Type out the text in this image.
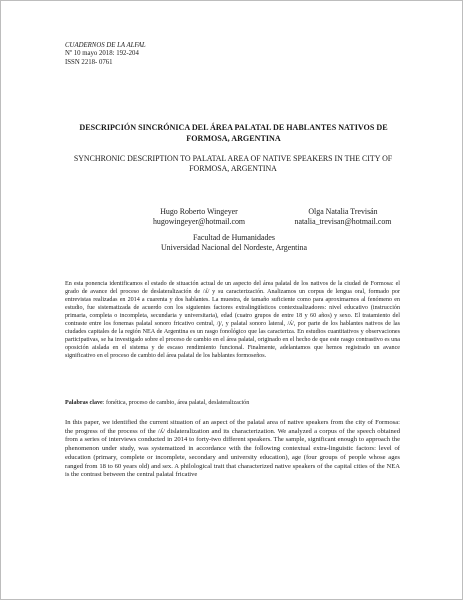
CUADERNOS DE LA ALFAL
Nº 10 mayo 2018: 192-204
ISSN 2218- 0761
DESCRIPCIÓN SINCRÓNICA DEL ÁREA PALATAL DE HABLANTES NATIVOS DE FORMOSA, ARGENTINA
SYNCHRONIC DESCRIPTION TO PALATAL AREA OF NATIVE SPEAKERS IN THE CITY OF FORMOSA, ARGENTINA
Hugo Roberto Wingeyer
hugowingeyer@hotmail.com
Olga Natalia Trevisán
natalia_trevisan@hotmail.com
Facultad de Humanidades
Universidad Nacional del Nordeste, Argentina

En esta ponencia identificamos el estado de situación actual de un aspecto del área palatal de los nativos de la ciudad de Formosa: el grado de avance del proceso de deslateralización de /ʎ/ y su caracterización. Analizamos un corpus de lengua oral, formado por entrevistas realizadas en 2014 a cuarenta y dos hablantes. La muestra, de tamaño suficiente como para aproximarnos al fenómeno en estudio, fue sistematizada de acuerdo con los siguientes factores extralingüísticos contextualizadores: nivel educativo (instrucción primaria, completa o incompleta, secundaria y universitaria), edad (cuatro grupos de entre 18 y 60 años) y sexo. El tratamiento del contraste entre los fonemas palatal sonoro fricativo central, /ʝ/, y palatal sonoro lateral, /ʎ/, por parte de los hablantes nativos de las ciudades capitales de la región NEA de Argentina es un rasgo fonológico que las caracteriza. En estudios cuantitativos y observaciones participativas, se ha investigado sobre el proceso de cambio en el área palatal, originado en el hecho de que este rasgo contrastivo es una oposición aislada en el sistema y de escaso rendimiento funcional. Finalmente, adelantamos que hemos registrado un avance significativo en el proceso de cambio del área palatal de los hablantes formoseños.

Palabras clave: fonética, proceso de cambio, área palatal, deslateralización

In this paper, we identified the current situation of an aspect of the palatal area of native speakers from the city of Formosa: the progress of the process of the /ʎ/ dislateralization and its characterization. We analyzed a corpus of the speech obtained from a series of interviews conducted in 2014 to forty-two different speakers. The sample, significant enough to approach the phenomenon under study, was systematized in accordance with the following contextual extra-linguistic factors: level of education (primary, complete or incomplete, secondary and university education), age (four groups of people whose ages ranged from 18 to 60 years old) and sex. A philological trait that characterized native speakers of the capital cities of the NEA is the contrast between the central palatal fricative
